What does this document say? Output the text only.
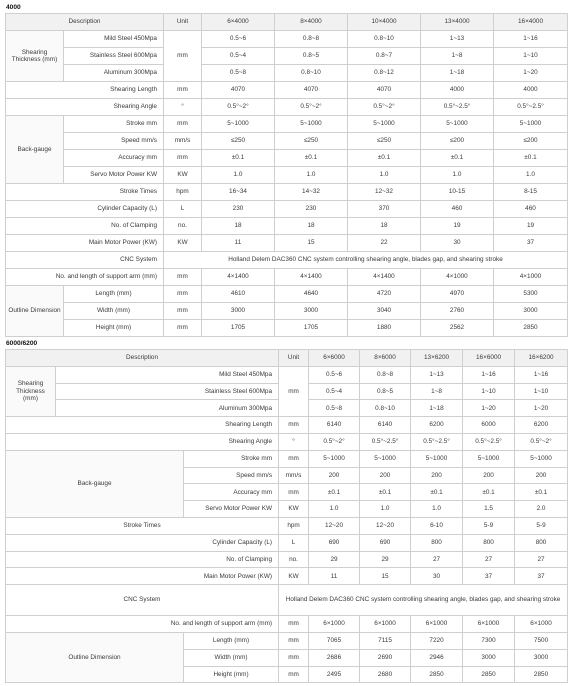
4000
Description		Unit	6×4000	8×4000	10×4000	13×4000	16×4000
Shearing Thickness (mm)	Mild Steel 450Mpa	mm	0.5~6	0.8~8	0.8~10	1~13	1~16
	Stainless Steel 600Mpa		0.5~4	0.8~5	0.8~7	1~8	1~10
	Aluminum 300Mpa		0.5~8	0.8~10	0.8~12	1~18	1~20
Shearing Length		mm	4070	4070	4070	4000	4000
Shearing Angle		°	0.5°~2°	0.5°~2°	0.5°~2°	0.5°~2.5°	0.5°~2.5°
Back-gauge	Stroke mm	mm	5~1000	5~1000	5~1000	5~1000	5~1000
	Speed mm/s	mm/s	≤250	≤250	≤250	≤200	≤200
	Accuracy mm	mm	±0.1	±0.1	±0.1	±0.1	±0.1
	Servo Motor Power KW	KW	1.0	1.0	1.0	1.0	1.0
Stroke Times		hpm	16~34	14~32	12~32	10-15	8-15
Cylinder Capacity (L)		L	230	230	370	460	460
No. of Clamping		no.	18	18	18	19	19
Main Motor Power (KW)		KW	11	15	22	30	37
CNC System		Holland Delem DAC360 CNC system controlling shearing angle, blades gap, and shearing stroke					
No. and length of support arm (mm)		mm	4×1400	4×1400	4×1400	4×1000	4×1000
Outline Dimension	Length (mm)	mm	4610	4640	4720	4970	5300
	Width (mm)	mm	3000	3000	3040	2760	3000
	Height (mm)	mm	1705	1705	1880	2562	2850
6000/6200
Description			Unit	6×6000	8×6000	13×6200	16×6000	16×6200
Shearing Thickness (mm)	Mild Steel 450Mpa		mm	0.5~6	0.8~8	1~13	1~16	1~16
	Stainless Steel 600Mpa			0.5~4	0.8~5	1~8	1~10	1~10
	Aluminum 300Mpa			0.5~8	0.8~10	1~18	1~20	1~20
Shearing Length			mm	6140	6140	6200	6000	6200
Shearing Angle			°	0.5°~2°	0.5°~2.5°	0.5°~2.5°	0.5°~2.5°	0.5°~2°
Back-gauge		Stroke mm	mm	5~1000	5~1000	5~1000	5~1000	5~1000
		Speed mm/s	mm/s	200	200	200	200	200
		Accuracy mm	mm	±0.1	±0.1	±0.1	±0.1	±0.1
		Servo Motor Power KW	KW	1.0	1.0	1.0	1.5	2.0
Stroke Times			hpm	12~20	12~20	6-10	5-9	5-9
Cylinder Capacity (L)			L	690	690	800	800	800
No. of Clamping			no.	29	29	27	27	27
Main Motor Power (KW)			KW	11	15	30	37	37
CNC System			Holland Delem DAC360 CNC system controlling shearing angle, blades gap, and shearing stroke					
No. and length of support arm (mm)			mm	6×1000	6×1000	6×1000	6×1000	6×1000
Outline Dimension		Length (mm)	mm	7065	7115	7220	7300	7500
		Width (mm)	mm	2686	2690	2946	3000	3000
		Height (mm)	mm	2495	2680	2850	2850	2850
